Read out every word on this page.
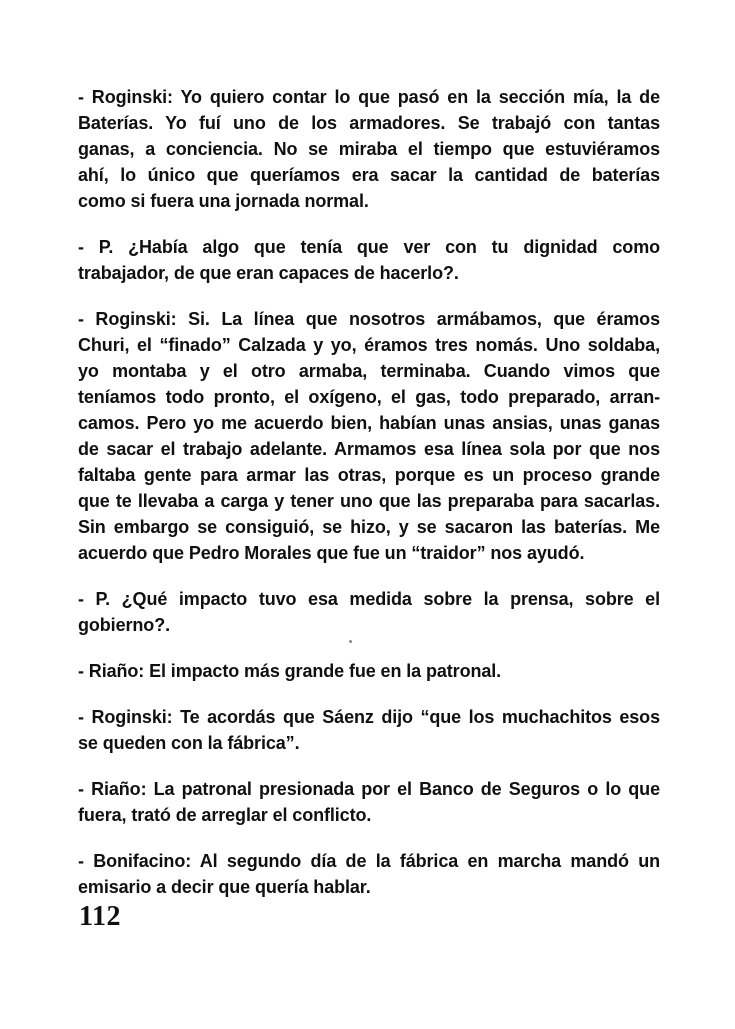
- Roginski: Yo quiero contar lo que pasó en la sección mía, la de
Baterías. Yo fuí uno de los armadores. Se trabajó con tantas
ganas, a conciencia. No se miraba el tiempo que estuviéramos
ahí, lo único que queríamos era sacar la cantidad de baterías
como si fuera una jornada normal.

- P. ¿Había algo que tenía que ver con tu dignidad como
trabajador, de que eran capaces de hacerlo?.

- Roginski: Si. La línea que nosotros armábamos, que éramos
Churi, el “finado” Calzada y yo, éramos tres nomás. Uno soldaba,
yo montaba y el otro armaba, terminaba. Cuando vimos que
teníamos todo pronto, el oxígeno, el gas, todo preparado, arran-
camos. Pero yo me acuerdo bien, habían unas ansias, unas ganas
de sacar el trabajo adelante. Armamos esa línea sola por que nos
faltaba gente para armar las otras, porque es un proceso grande
que te llevaba a carga y tener uno que las preparaba para sacarlas.
Sin embargo se consiguió, se hizo, y se sacaron las baterías. Me
acuerdo que Pedro Morales que fue un “traidor” nos ayudó.

- P. ¿Qué impacto tuvo esa medida sobre la prensa, sobre el
gobierno?.

- Riaño: El impacto más grande fue en la patronal.

- Roginski: Te acordás que Sáenz dijo “que los muchachitos esos
se queden con la fábrica”.

- Riaño: La patronal presionada por el Banco de Seguros o lo que
fuera, trató de arreglar el conflicto.

- Bonifacino: Al segundo día de la fábrica en marcha mandó un
emisario a decir que quería hablar.

112
